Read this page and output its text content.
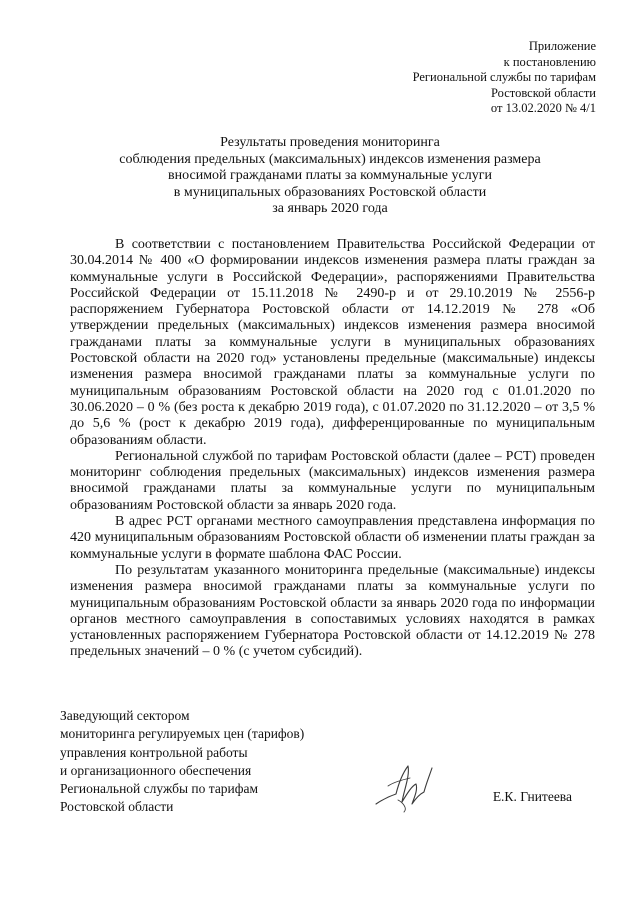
Приложение
к постановлению
Региональной службы по тарифам
Ростовской области
от 13.02.2020 № 4/1
Результаты проведения мониторинга
соблюдения предельных (максимальных) индексов изменения размера
вносимой гражданами платы за коммунальные услуги
в муниципальных образованиях Ростовской области
за январь 2020 года

В соответствии с постановлением Правительства Российской Федерации от 30.04.2014 № 400 «О формировании индексов изменения размера платы граждан за коммунальные услуги в Российской Федерации», распоряжениями Правительства Российской Федерации от 15.11.2018 № 2490-р и от 29.10.2019 № 2556-р распоряжением Губернатора Ростовской области от 14.12.2019 № 278 «Об утверждении предельных (максимальных) индексов изменения размера вносимой гражданами платы за коммунальные услуги в муниципальных образованиях Ростовской области на 2020 год» установлены предельные (максимальные) индексы изменения размера вносимой гражданами платы за коммунальные услуги по муниципальным образованиям Ростовской области на 2020 год с 01.01.2020 по 30.06.2020 – 0 % (без роста к декабрю 2019 года), с 01.07.2020 по 31.12.2020 – от 3,5 % до 5,6 % (рост к декабрю 2019 года), дифференцированные по муниципальным образованиям области.

Региональной службой по тарифам Ростовской области (далее – РСТ) проведен мониторинг соблюдения предельных (максимальных) индексов изменения размера вносимой гражданами платы за коммунальные услуги по муниципальным образованиям Ростовской области за январь 2020 года.

В адрес РСТ органами местного самоуправления представлена информация по 420 муниципальным образованиям Ростовской области об изменении платы граждан за коммунальные услуги в формате шаблона ФАС России.

По результатам указанного мониторинга предельные (максимальные) индексы изменения размера вносимой гражданами платы за коммунальные услуги по муниципальным образованиям Ростовской области за январь 2020 года по информации органов местного самоуправления в сопоставимых условиях находятся в рамках установленных распоряжением Губернатора Ростовской области от 14.12.2019 № 278 предельных значений – 0 % (с учетом субсидий).

Заведующий сектором
мониторинга регулируемых цен (тарифов)
управления контрольной работы
и организационного обеспечения
Региональной службы по тарифам
Ростовской области
Е.К. Гнитеева
